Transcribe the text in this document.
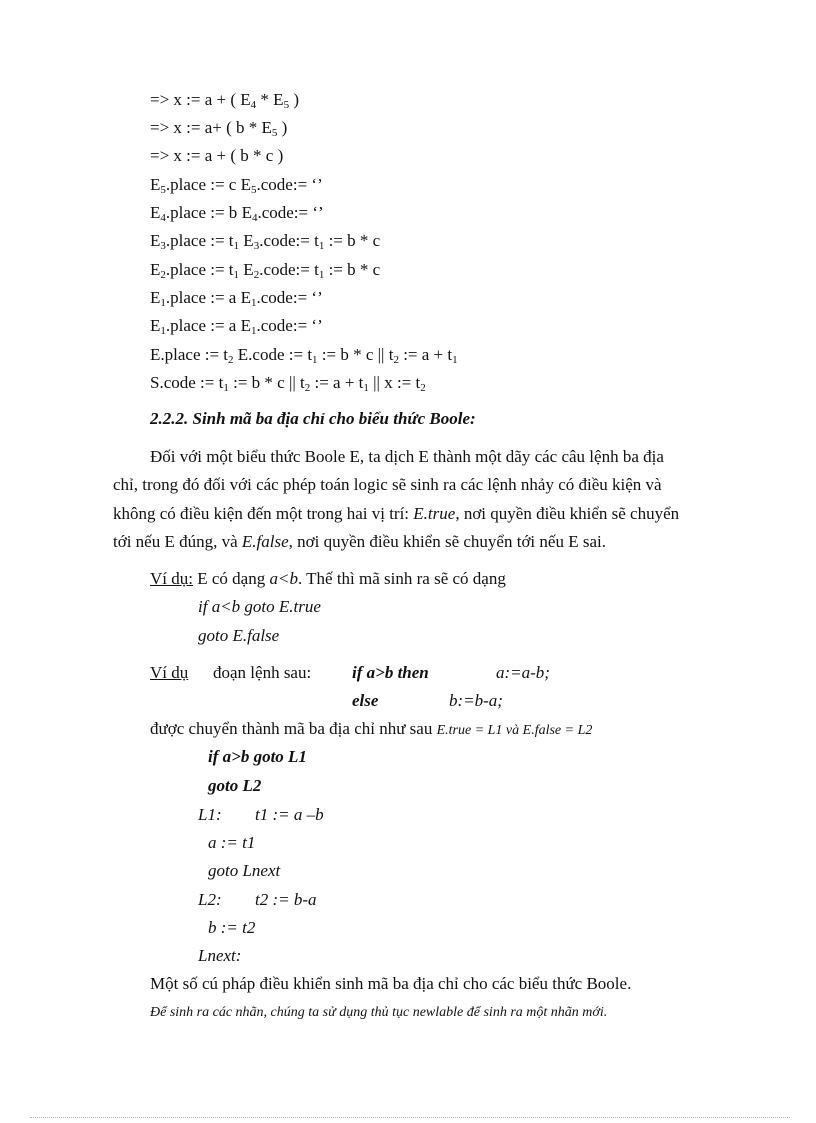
=> x := a + ( $E_4 * E_5$ )
=> x := a+ ( b * $E_5$ )
=> x := a + ( b * c )
$E_5.place$ := c $E_5.code:=$ ‘’
$E_4.place$ := b $E_4.code:=$ ‘’
$E_3.place$ := $t_1$ $E_3.code:= t_1$ := b * c
$E_2.place$ := $t_1$ $E_2.code:= t_1$ := b * c
$E_1.place$ := a $E_1.code:=$ ‘’
$E_1.place$ := a $E_1.code:=$ ‘’
E.place := $t_2$ E.code := $t_1$ := b * c || $t_2$ := $a + t_1$
S.code := $t_1$ := b * c || $t_2$ := $a + t_1$ || x := $t_2$
2.2.2. Sinh mã ba địa chỉ cho biểu thức Boole:
Đối với một biểu thức Boole E, ta dịch E thành một dãy các câu lệnh ba địa
chỉ, trong đó đối với các phép toán logic sẽ sinh ra các lệnh nhảy có điều kiện và
không có điều kiện đến một trong hai vị trí: E.true, nơi quyền điều khiển sẽ chuyển
tới nếu E đúng, và E.false, nơi quyền điều khiển sẽ chuyển tới nếu E sai.
Ví dụ: E có dạng a<b. Thế thì mã sinh ra sẽ có dạng
if a<b goto E.true
goto E.false
Ví dụ đoạn lệnh sau: if a>b then	a:=a-b;
else	b:=b-a;
được chuyển thành mã ba địa chỉ như sau E.true = L1 và E.false = L2
if a>b goto L1
goto L2
L1: t1 := a –b
a := t1
goto Lnext
L2: t2 := b-a
b := t2
Lnext:
Một số cú pháp điều khiển sinh mã ba địa chỉ cho các biểu thức Boole.
Để sinh ra các nhãn, chúng ta sử dụng thủ tục newlable để sinh ra một nhãn mới.
